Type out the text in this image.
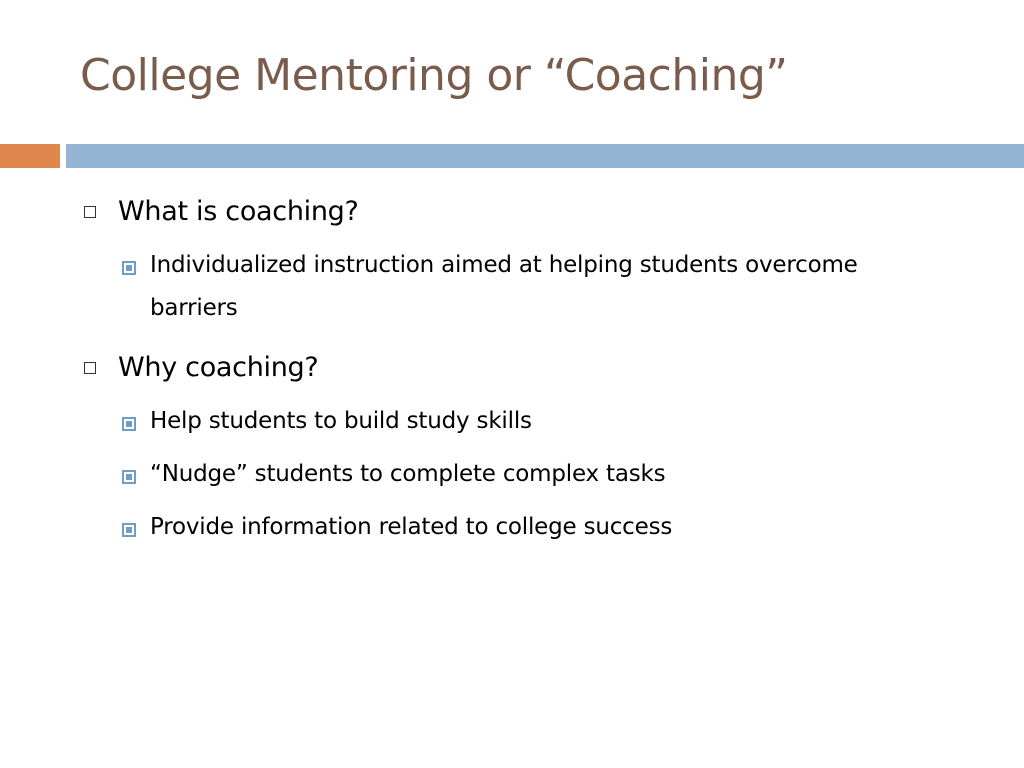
College Mentoring or “Coaching”
What is coaching?
Individualized instruction aimed at helping students overcome barriers
Why coaching?
Help students to build study skills
“Nudge” students to complete complex tasks
Provide information related to college success
